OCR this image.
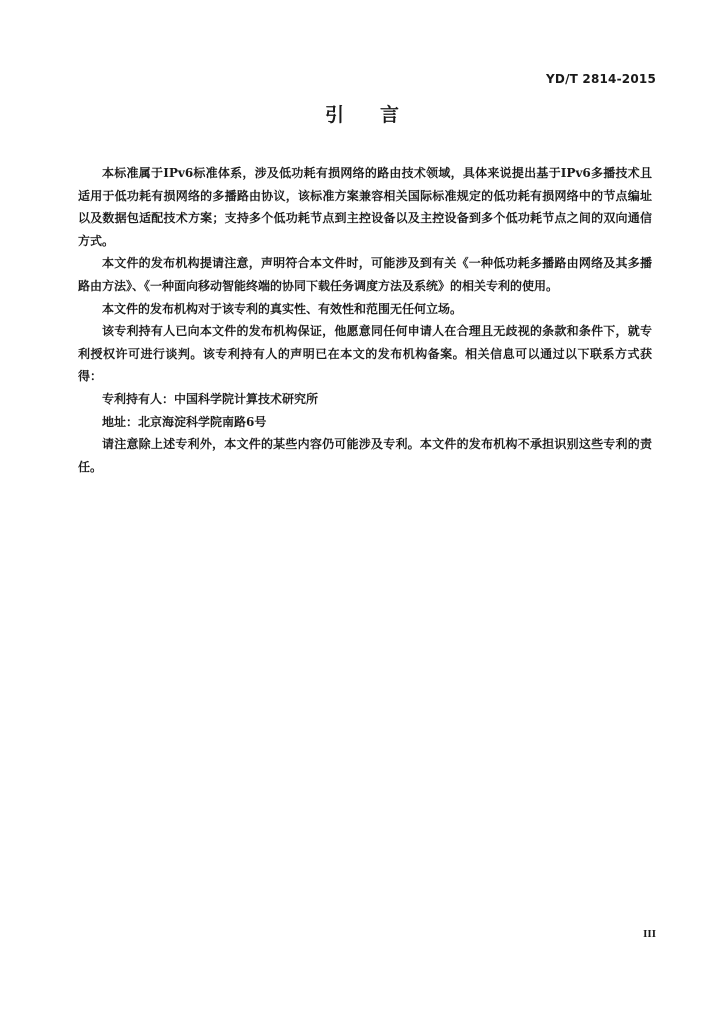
YD/T 2814-2015
引言

本标准属于IPv6标准体系，涉及低功耗有损网络的路由技术领域，具体来说提出基于IPv6多播技术且适用于低功耗有损网络的多播路由协议，该标准方案兼容相关国际标准规定的低功耗有损网络中的节点编址以及数据包适配技术方案；支持多个低功耗节点到主控设备以及主控设备到多个低功耗节点之间的双向通信方式。

本文件的发布机构提请注意，声明符合本文件时，可能涉及到有关《一种低功耗多播路由网络及其多播路由方法》、《一种面向移动智能终端的协同下载任务调度方法及系统》的相关专利的使用。

本文件的发布机构对于该专利的真实性、有效性和范围无任何立场。

该专利持有人已向本文件的发布机构保证，他愿意同任何申请人在合理且无歧视的条款和条件下，就专利授权许可进行谈判。该专利持有人的声明已在本文的发布机构备案。相关信息可以通过以下联系方式获得：

专利持有人：中国科学院计算技术研究所

地址：北京海淀科学院南路6号

请注意除上述专利外，本文件的某些内容仍可能涉及专利。本文件的发布机构不承担识别这些专利的责任。

III
